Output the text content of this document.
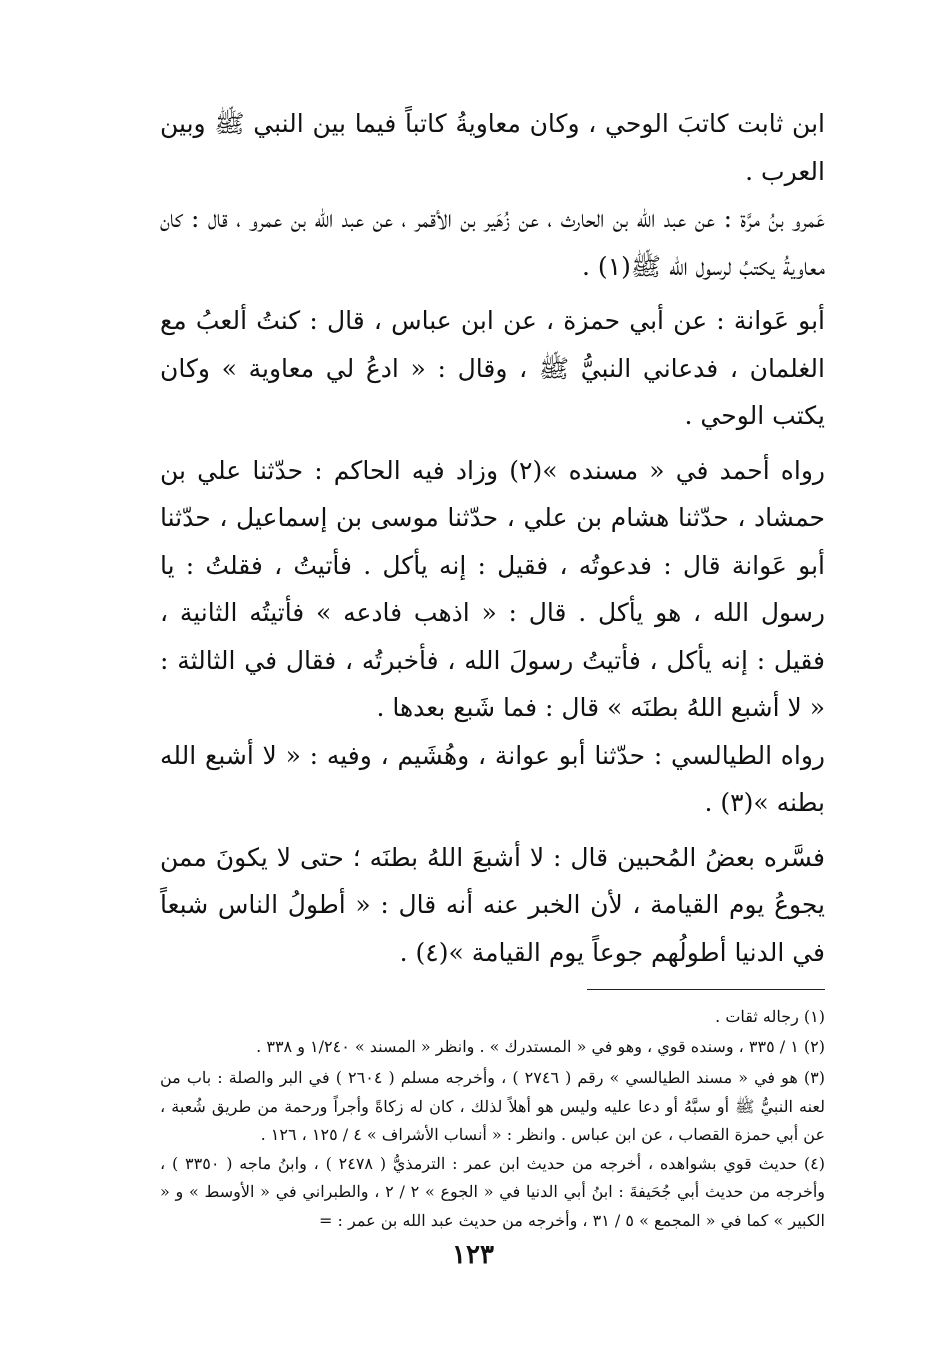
ابن ثابت كاتبَ الوحي ، وكان معاويةُ كاتباً فيما بين النبي ﷺ وبين العرب .

عَمرو بنُ مرَّة : عن عبد الله بن الحارث ، عن زُهَير بن الأقمر ، عن عبد الله بن عمرو ، قال : كان معاويةُ يكتبُ لرسول الله ﷺ(١) .

أبو عَوانة : عن أبي حمزة ، عن ابن عباس ، قال : كنتُ ألعبُ مع الغلمان ، فدعاني النبيُّ ﷺ ، وقال : « ادعُ لي معاوية » وكان يكتب الوحي .

رواه أحمد في « مسنده »(٢) وزاد فيه الحاكم : حدّثنا علي بن حمشاد ، حدّثنا هشام بن علي ، حدّثنا موسى بن إسماعيل ، حدّثنا أبو عَوانة قال : فدعوتُه ، فقيل : إنه يأكل . فأتيتُ ، فقلتُ : يا رسول الله ، هو يأكل . قال : « اذهب فادعه » فأتيتُه الثانية ، فقيل : إنه يأكل ، فأتيتُ رسولَ الله ، فأخبرتُه ، فقال في الثالثة : « لا أشبع اللهُ بطنَه » قال : فما شَبع بعدها .

رواه الطيالسي : حدّثنا أبو عوانة ، وهُشَيم ، وفيه : « لا أشبع الله بطنه »(٣) .

فسَّره بعضُ المُحبين قال : لا أشبعَ اللهُ بطنَه ؛ حتى لا يكونَ ممن يجوعُ يوم القيامة ، لأن الخبر عنه أنه قال : « أطولُ الناس شبعاً في الدنيا أطولُهم جوعاً يوم القيامة »(٤) .

(١) رجاله ثقات .

(٢) ١ / ٣٣٥ ، وسنده قوي ، وهو في « المستدرك » . وانظر « المسند » ١/٢٤٠ و ٣٣٨ .

(٣) هو في « مسند الطيالسي » رقم ( ٢٧٤٦ ) ، وأخرجه مسلم ( ٢٦٠٤ ) في البر والصلة : باب من لعنه النبيُّ ﷺ أو سبَّهُ أو دعا عليه وليس هو أهلاً لذلك ، كان له زكاةً وأجراً ورحمة من طريق شُعبة ، عن أبي حمزة القصاب ، عن ابن عباس . وانظر : « أنساب الأشراف » ٤ / ١٢٥ ، ١٢٦ .

(٤) حديث قوي بشواهده ، أخرجه من حديث ابن عمر : الترمذيُّ ( ٢٤٧٨ ) ، وابنُ ماجه ( ٣٣٥٠ ) ، وأخرجه من حديث أبي جُحَيفةَ : ابنُ أبي الدنيا في « الجوع » ٢ / ٢ ، والطبراني في « الأوسط » و « الكبير » كما في « المجمع » ٥ / ٣١ ، وأخرجه من حديث عبد الله بن عمر : =

١٢٣
